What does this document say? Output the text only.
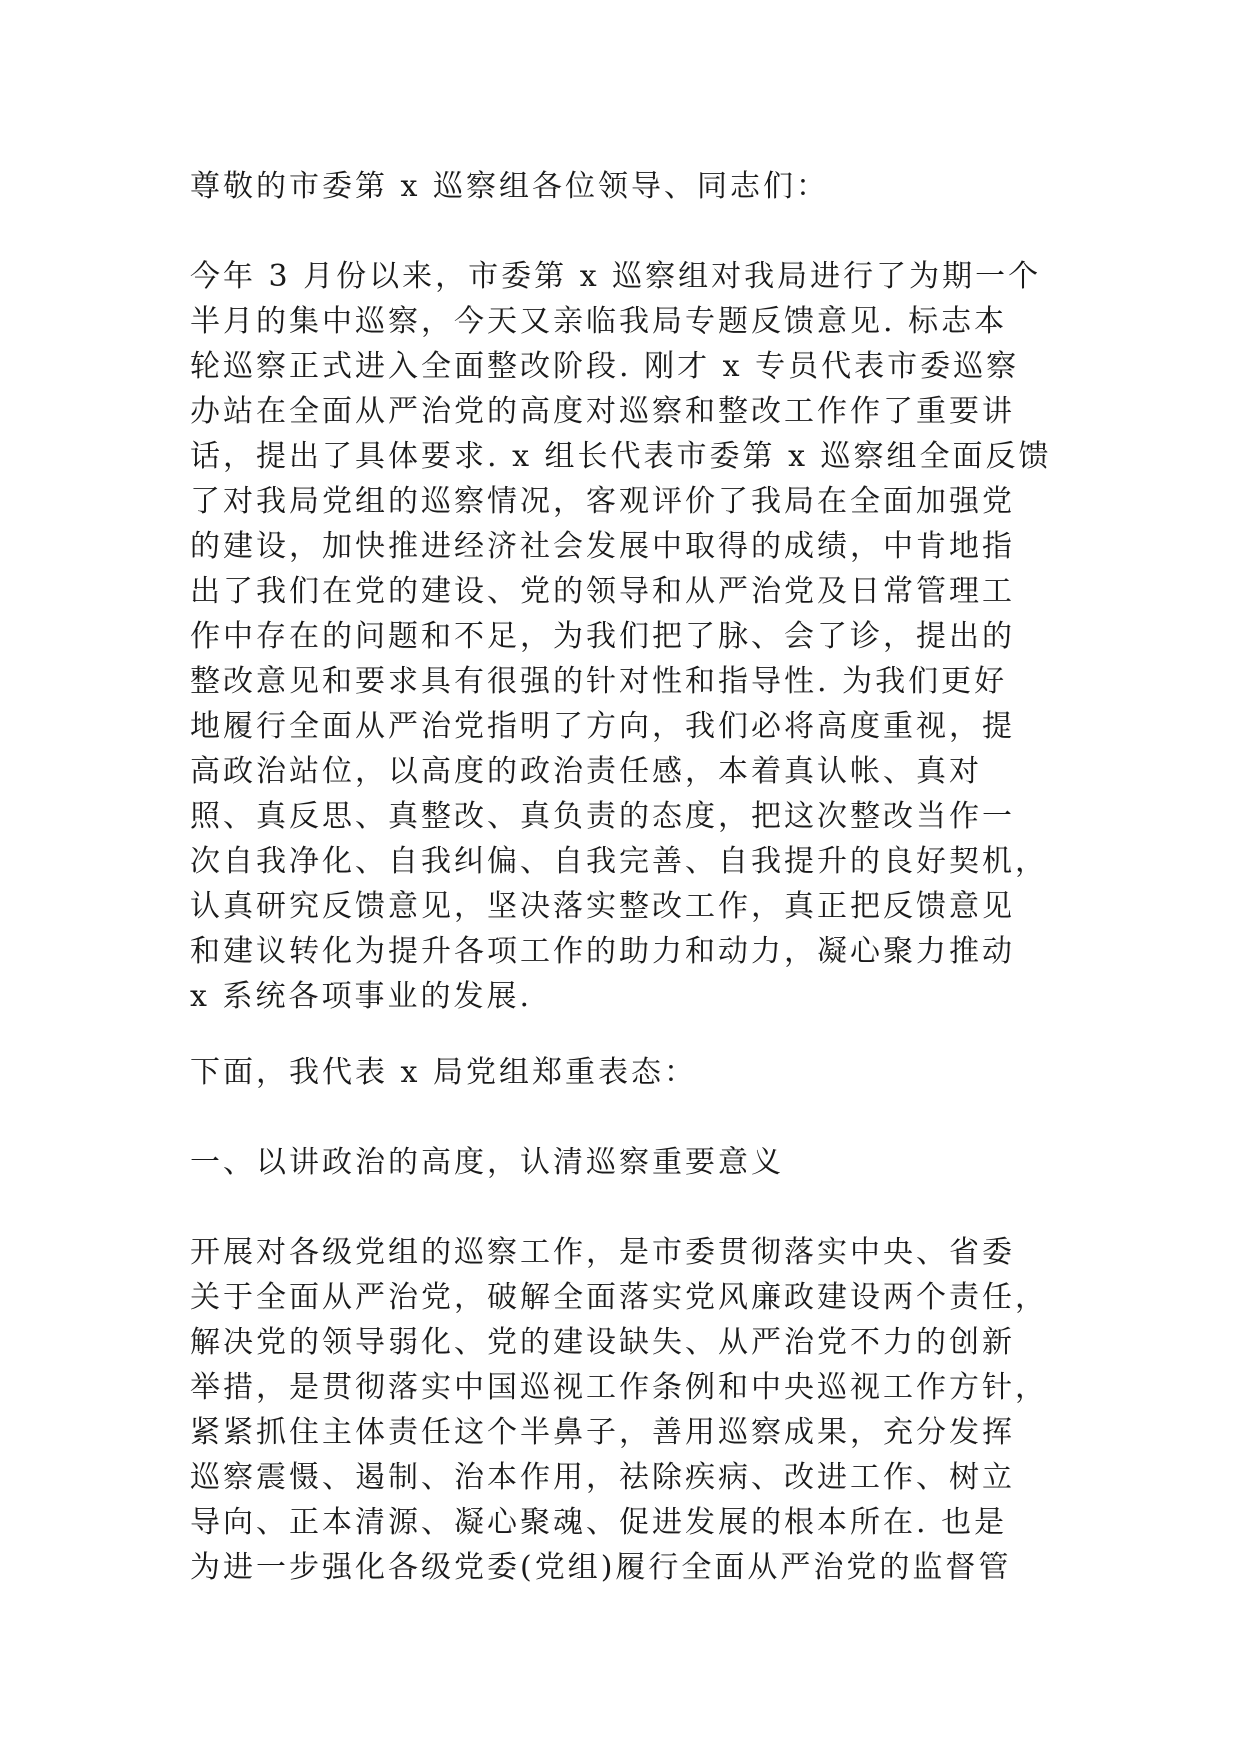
尊敬的市委第 x 巡察组各位领导、同志们：
今年 3 月份以来，市委第 x 巡察组对我局进行了为期一个
半月的集中巡察，今天又亲临我局专题反馈意见. 标志本
轮巡察正式进入全面整改阶段. 刚才 x 专员代表市委巡察
办站在全面从严治党的高度对巡察和整改工作作了重要讲
话，提出了具体要求. x 组长代表市委第 x 巡察组全面反馈
了对我局党组的巡察情况，客观评价了我局在全面加强党
的建设，加快推进经济社会发展中取得的成绩，中肯地指
出了我们在党的建设、党的领导和从严治党及日常管理工
作中存在的问题和不足，为我们把了脉、会了诊，提出的
整改意见和要求具有很强的针对性和指导性. 为我们更好
地履行全面从严治党指明了方向，我们必将高度重视，提
高政治站位，以高度的政治责任感，本着真认帐、真对
照、真反思、真整改、真负责的态度，把这次整改当作一
次自我净化、自我纠偏、自我完善、自我提升的良好契机，
认真研究反馈意见，坚决落实整改工作，真正把反馈意见
和建议转化为提升各项工作的助力和动力，凝心聚力推动
x 系统各项事业的发展.
下面，我代表 x 局党组郑重表态：
一、以讲政治的高度，认清巡察重要意义
开展对各级党组的巡察工作，是市委贯彻落实中央、省委
关于全面从严治党，破解全面落实党风廉政建设两个责任，
解决党的领导弱化、党的建设缺失、从严治党不力的创新
举措，是贯彻落实中国巡视工作条例和中央巡视工作方针，
紧紧抓住主体责任这个半鼻子，善用巡察成果，充分发挥
巡察震慑、遏制、治本作用，祛除疾病、改进工作、树立
导向、正本清源、凝心聚魂、促进发展的根本所在. 也是
为进一步强化各级党委(党组)履行全面从严治党的监督管
